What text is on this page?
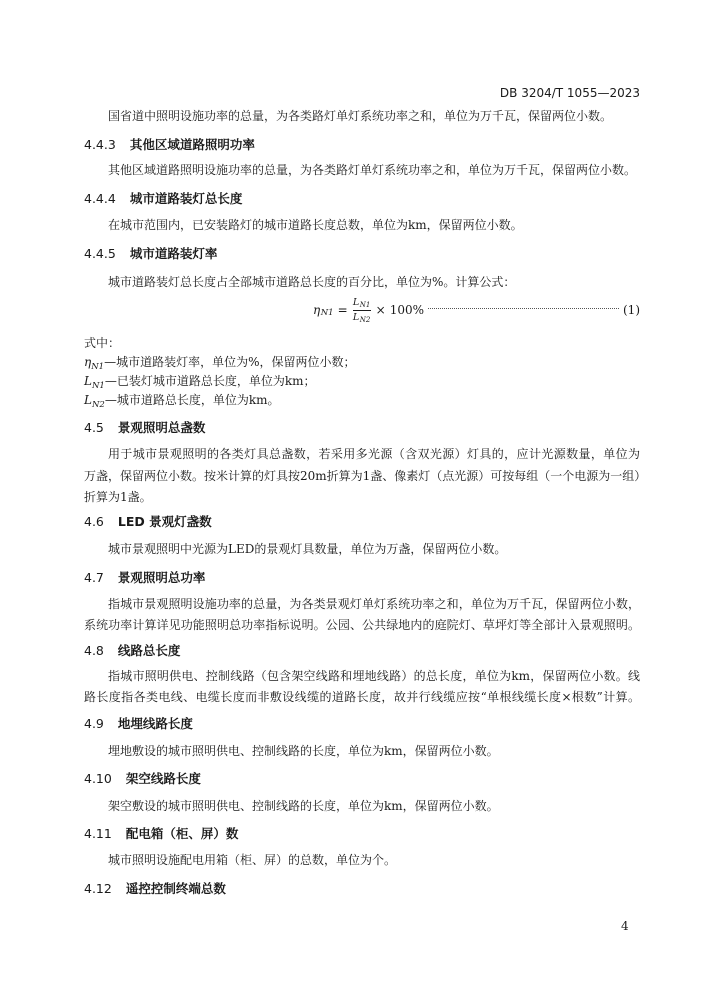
DB 3204/T 1055—2023
国省道中照明设施功率的总量，为各类路灯单灯系统功率之和，单位为万千瓦，保留两位小数。
4.4.3 其他区域道路照明功率
其他区域道路照明设施功率的总量，为各类路灯单灯系统功率之和，单位为万千瓦，保留两位小数。
4.4.4 城市道路装灯总长度
在城市范围内，已安装路灯的城市道路长度总数，单位为km，保留两位小数。
4.4.5 城市道路装灯率
城市道路装灯总长度占全部城市道路总长度的百分比，单位为%。计算公式：
η $N1 = \frac{L_{N1}}{L_{N2}} \times 100\%$	(1)
式中：
$\eta_{N1}—$城市道路装灯率，单位为%，保留两位小数；
$L_{N1}—$已装灯城市道路总长度，单位为km；
$L_{N2}—$城市道路总长度，单位为km。
4.5 景观照明总盏数
用于城市景观照明的各类灯具总盏数，若采用多光源（含双光源）灯具的，应计光源数量，单位为
万盏，保留两位小数。按米计算的灯具按20m折算为1盏、像素灯（点光源）可按每组（一个电源为一组）
折算为1盏。
4.6 LED 景观灯盏数
城市景观照明中光源为LED的景观灯具数量，单位为万盏，保留两位小数。
4.7 景观照明总功率
指城市景观照明设施功率的总量，为各类景观灯单灯系统功率之和，单位为万千瓦，保留两位小数，
系统功率计算详见功能照明总功率指标说明。公园、公共绿地内的庭院灯、草坪灯等全部计入景观照明。
4.8 线路总长度
指城市照明供电、控制线路（包含架空线路和埋地线路）的总长度，单位为km，保留两位小数。线
路长度指各类电线、电缆长度而非敷设线缆的道路长度，故并行线缆应按“单根线缆长度×根数”计算。
4.9 地埋线路长度
埋地敷设的城市照明供电、控制线路的长度，单位为km，保留两位小数。
4.10 架空线路长度
架空敷设的城市照明供电、控制线路的长度，单位为km，保留两位小数。
4.11 配电箱（柜、屏）数
城市照明设施配电用箱（柜、屏）的总数，单位为个。
4.12 遥控控制终端总数
4
